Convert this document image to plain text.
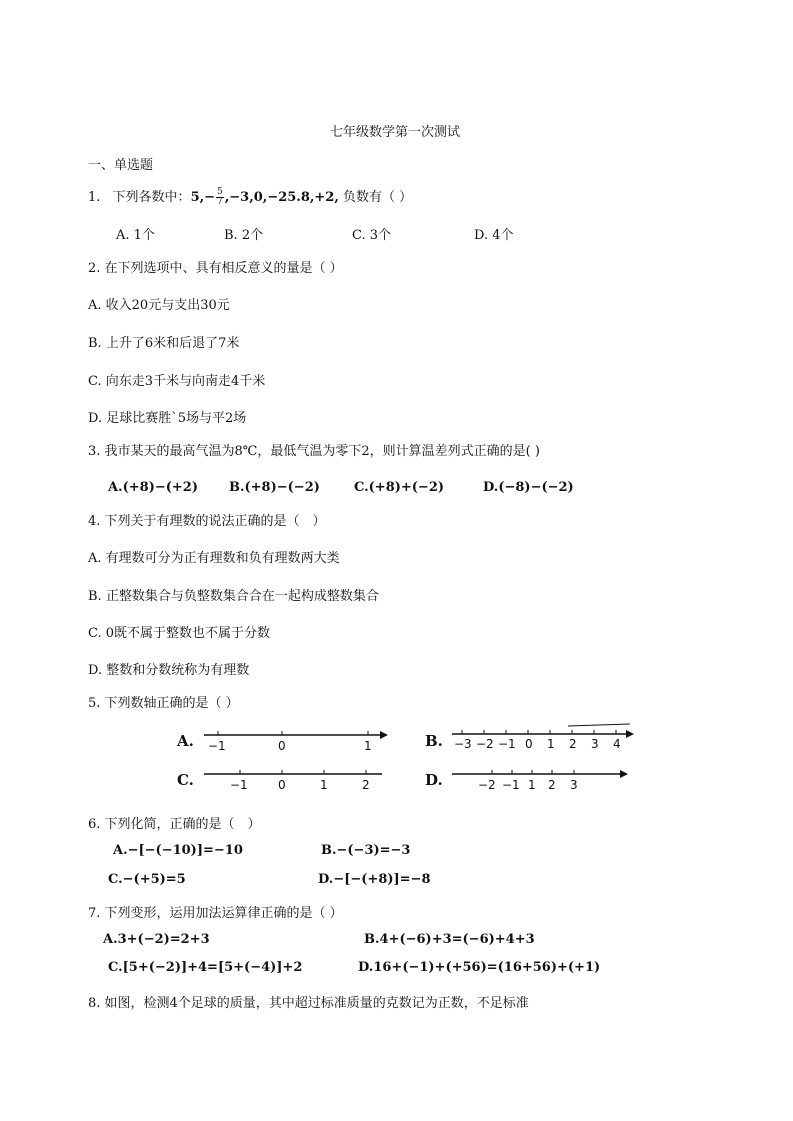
七年级数学第一次测试
一、单选题
1. 下列各数中：$5,- \frac{5}{7} ,-3,0,-25.8,+2$, 负数有（ ）
A. 1个	B. 2个	C. 3个	D. 4个
2. 在下列选项中、具有相反意义的量是（ ）
A. 收入20元与支出30元
B. 上升了6米和后退了7米
C. 向东走3千米与向南走4千米
D. 足球比赛胜`5场与平2场
3. 我市某天的最高气温为8℃，最低气温为零下2，则计算温差列式正确的是( )
A.(+8)−(+2) B.(+8)−(−2)	C.(+8)+(−2)	D.(−8)−(−2)
4. 下列关于有理数的说法正确的是（　）
A. 有理数可分为正有理数和负有理数两大类
B. 正整数集合与负整数集合合在一起构成整数集合
C. 0既不属于整数也不属于分数
D. 整数和分数统称为有理数
5. 下列数轴正确的是（ ）
A. −1	0	1	B. −3 −2 −1 0 1 2 3 4
C.	−1	0	1	2	D.	−2 −1 1 2 3
6. 下列化简，正确的是（　）
A.−[−(−10)]=−10	B.−(−3)=−3
C.−(+5)=5	D.−[−(+8)]=−8
7. 下列变形，运用加法运算律正确的是（ ）
A.3+(−2)=2+3	B.4+(−6)+3=(−6)+4+3
C.[5+(−2)]+4=[5+(−4)]+2	D.16+(−1)+(+56)=(16+56)+(+1)
8. 如图，检测4个足球的质量，其中超过标准质量的克数记为正数，不足标准
